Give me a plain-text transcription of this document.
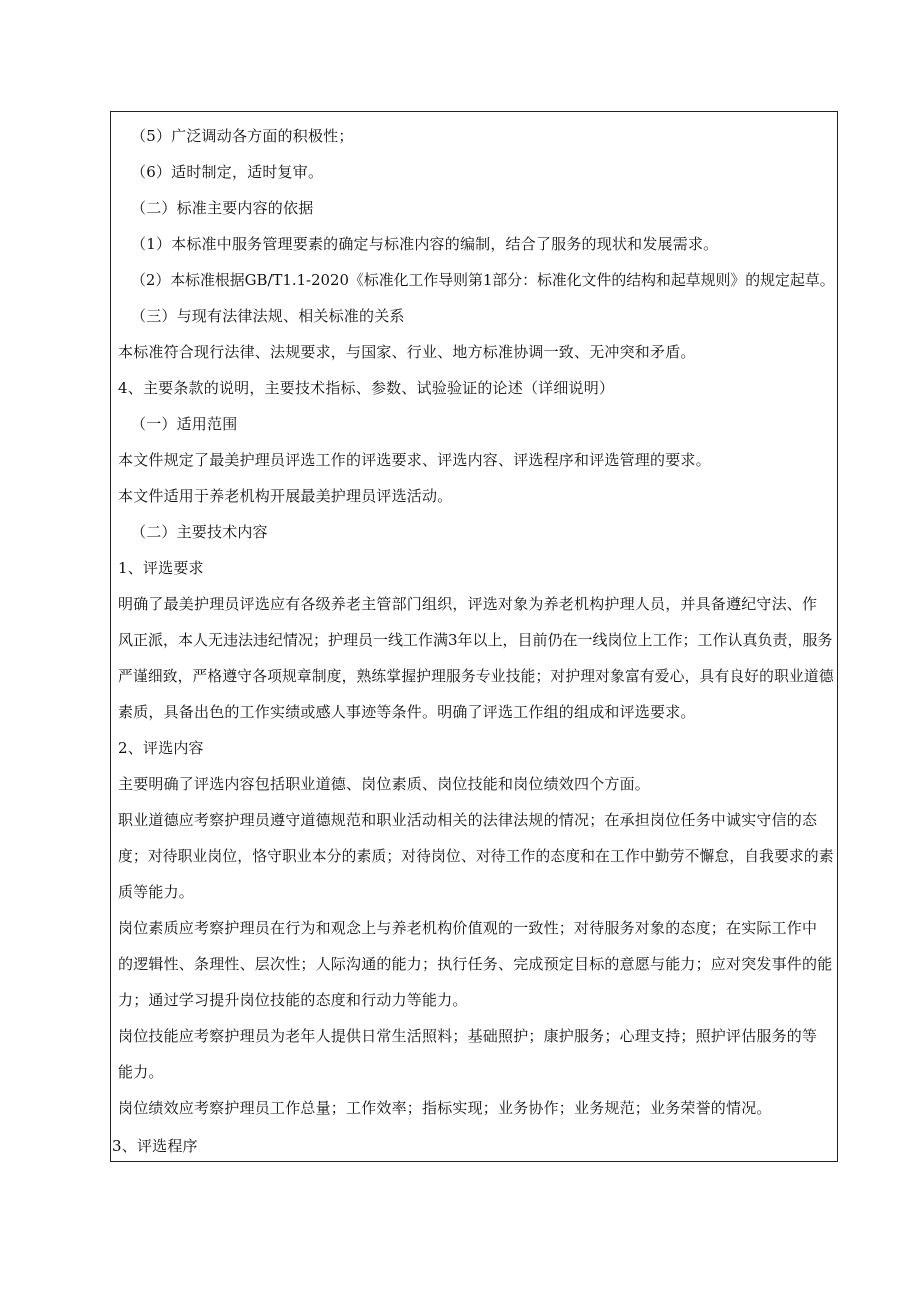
（5）广泛调动各方面的积极性；
（6）适时制定，适时复审。
（二）标准主要内容的依据
（1）本标准中服务管理要素的确定与标准内容的编制，结合了服务的现状和发展需求。
（2）本标准根据GB/T1.1-2020《标准化工作导则第1部分：标准化文件的结构和起草规则》的规定起草。
（三）与现有法律法规、相关标准的关系
本标准符合现行法律、法规要求，与国家、行业、地方标准协调一致、无冲突和矛盾。
4、主要条款的说明，主要技术指标、参数、试验验证的论述（详细说明）
（一）适用范围
本文件规定了最美护理员评选工作的评选要求、评选内容、评选程序和评选管理的要求。
本文件适用于养老机构开展最美护理员评选活动。
（二）主要技术内容
1、评选要求
明确了最美护理员评选应有各级养老主管部门组织，评选对象为养老机构护理人员，并具备遵纪守法、作
风正派，本人无违法违纪情况；护理员一线工作满3年以上，目前仍在一线岗位上工作；工作认真负责，服务
严谨细致，严格遵守各项规章制度，熟练掌握护理服务专业技能；对护理对象富有爱心，具有良好的职业道德
素质，具备出色的工作实绩或感人事迹等条件。明确了评选工作组的组成和评选要求。
2、评选内容
主要明确了评选内容包括职业道德、岗位素质、岗位技能和岗位绩效四个方面。
职业道德应考察护理员遵守道德规范和职业活动相关的法律法规的情况；在承担岗位任务中诚实守信的态
度；对待职业岗位，恪守职业本分的素质；对待岗位、对待工作的态度和在工作中勤劳不懈怠，自我要求的素
质等能力。
岗位素质应考察护理员在行为和观念上与养老机构价值观的一致性；对待服务对象的态度；在实际工作中
的逻辑性、条理性、层次性；人际沟通的能力；执行任务、完成预定目标的意愿与能力；应对突发事件的能
力；通过学习提升岗位技能的态度和行动力等能力。
岗位技能应考察护理员为老年人提供日常生活照料；基础照护；康护服务；心理支持；照护评估服务的等
能力。
岗位绩效应考察护理员工作总量；工作效率；指标实现；业务协作；业务规范；业务荣誉的情况。
3、评选程序
